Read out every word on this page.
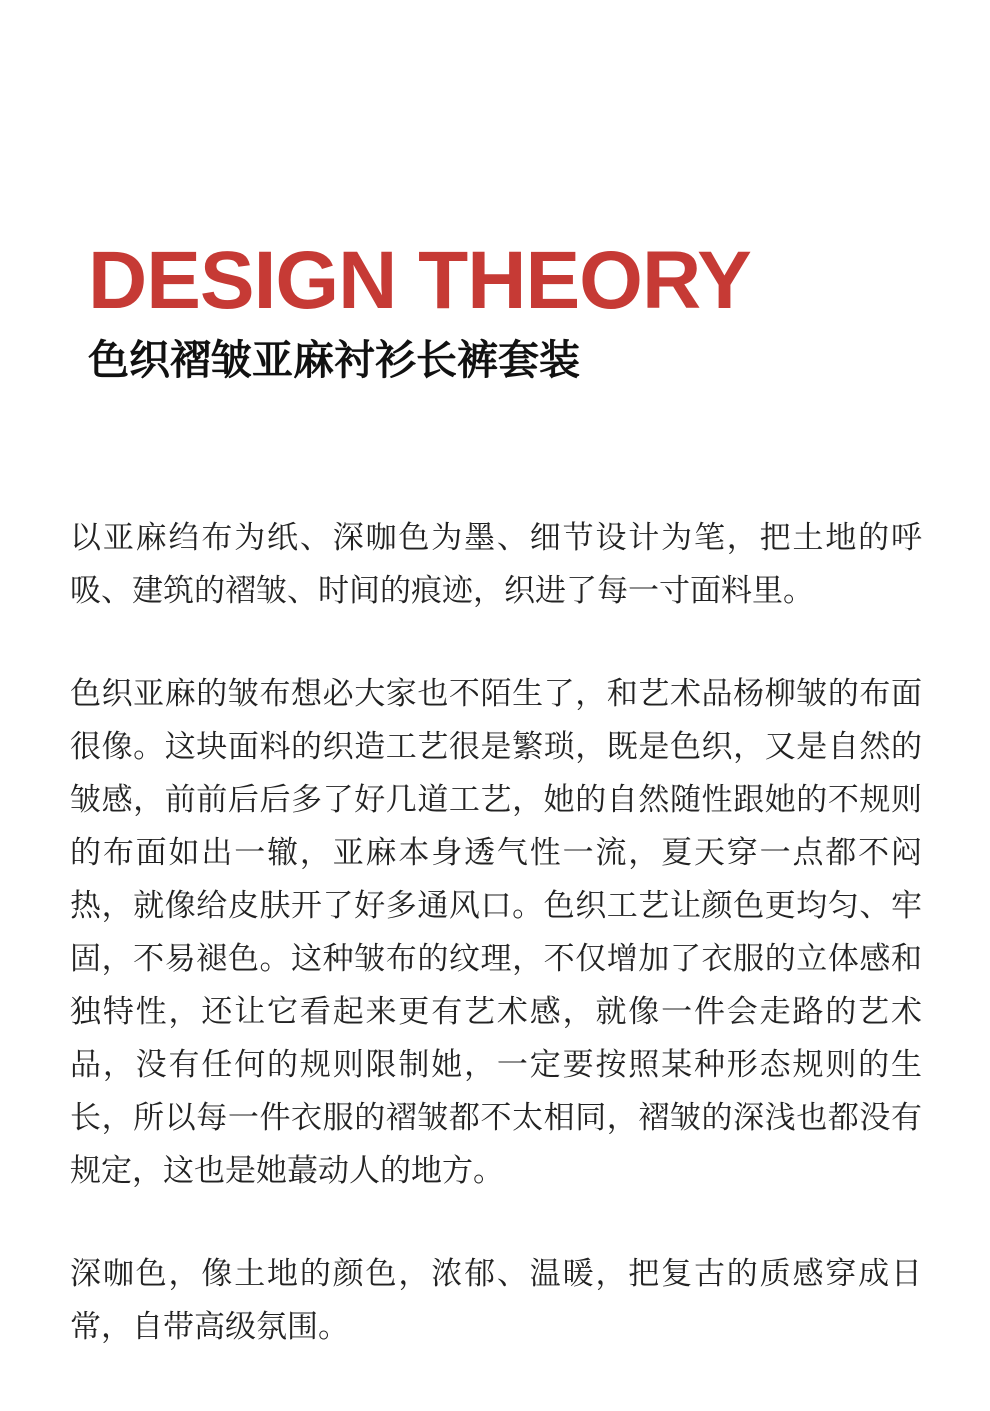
DESIGN THEORY
色织褶皱亚麻衬衫长裤套装

以亚麻绉布为纸、深咖色为墨、细节设计为笔，把土地的呼吸、建筑的褶皱、时间的痕迹，织进了每一寸面料里。

色织亚麻的皱布想必大家也不陌生了，和艺术品杨柳皱的布面很像。这块面料的织造工艺很是繁琐，既是色织，又是自然的皱感，前前后后多了好几道工艺，她的自然随性跟她的不规则的布面如出一辙，亚麻本身透气性一流，夏天穿一点都不闷热，就像给皮肤开了好多通风口。色织工艺让颜色更均匀、牢固，不易褪色。这种皱布的纹理，不仅增加了衣服的立体感和独特性，还让它看起来更有艺术感，就像一件会走路的艺术品，没有任何的规则限制她，一定要按照某种形态规则的生长，所以每一件衣服的褶皱都不太相同，褶皱的深浅也都没有规定，这也是她蕞动人的地方。

深咖色，像土地的颜色，浓郁、温暖，把复古的质感穿成日常，自带高级氛围。
